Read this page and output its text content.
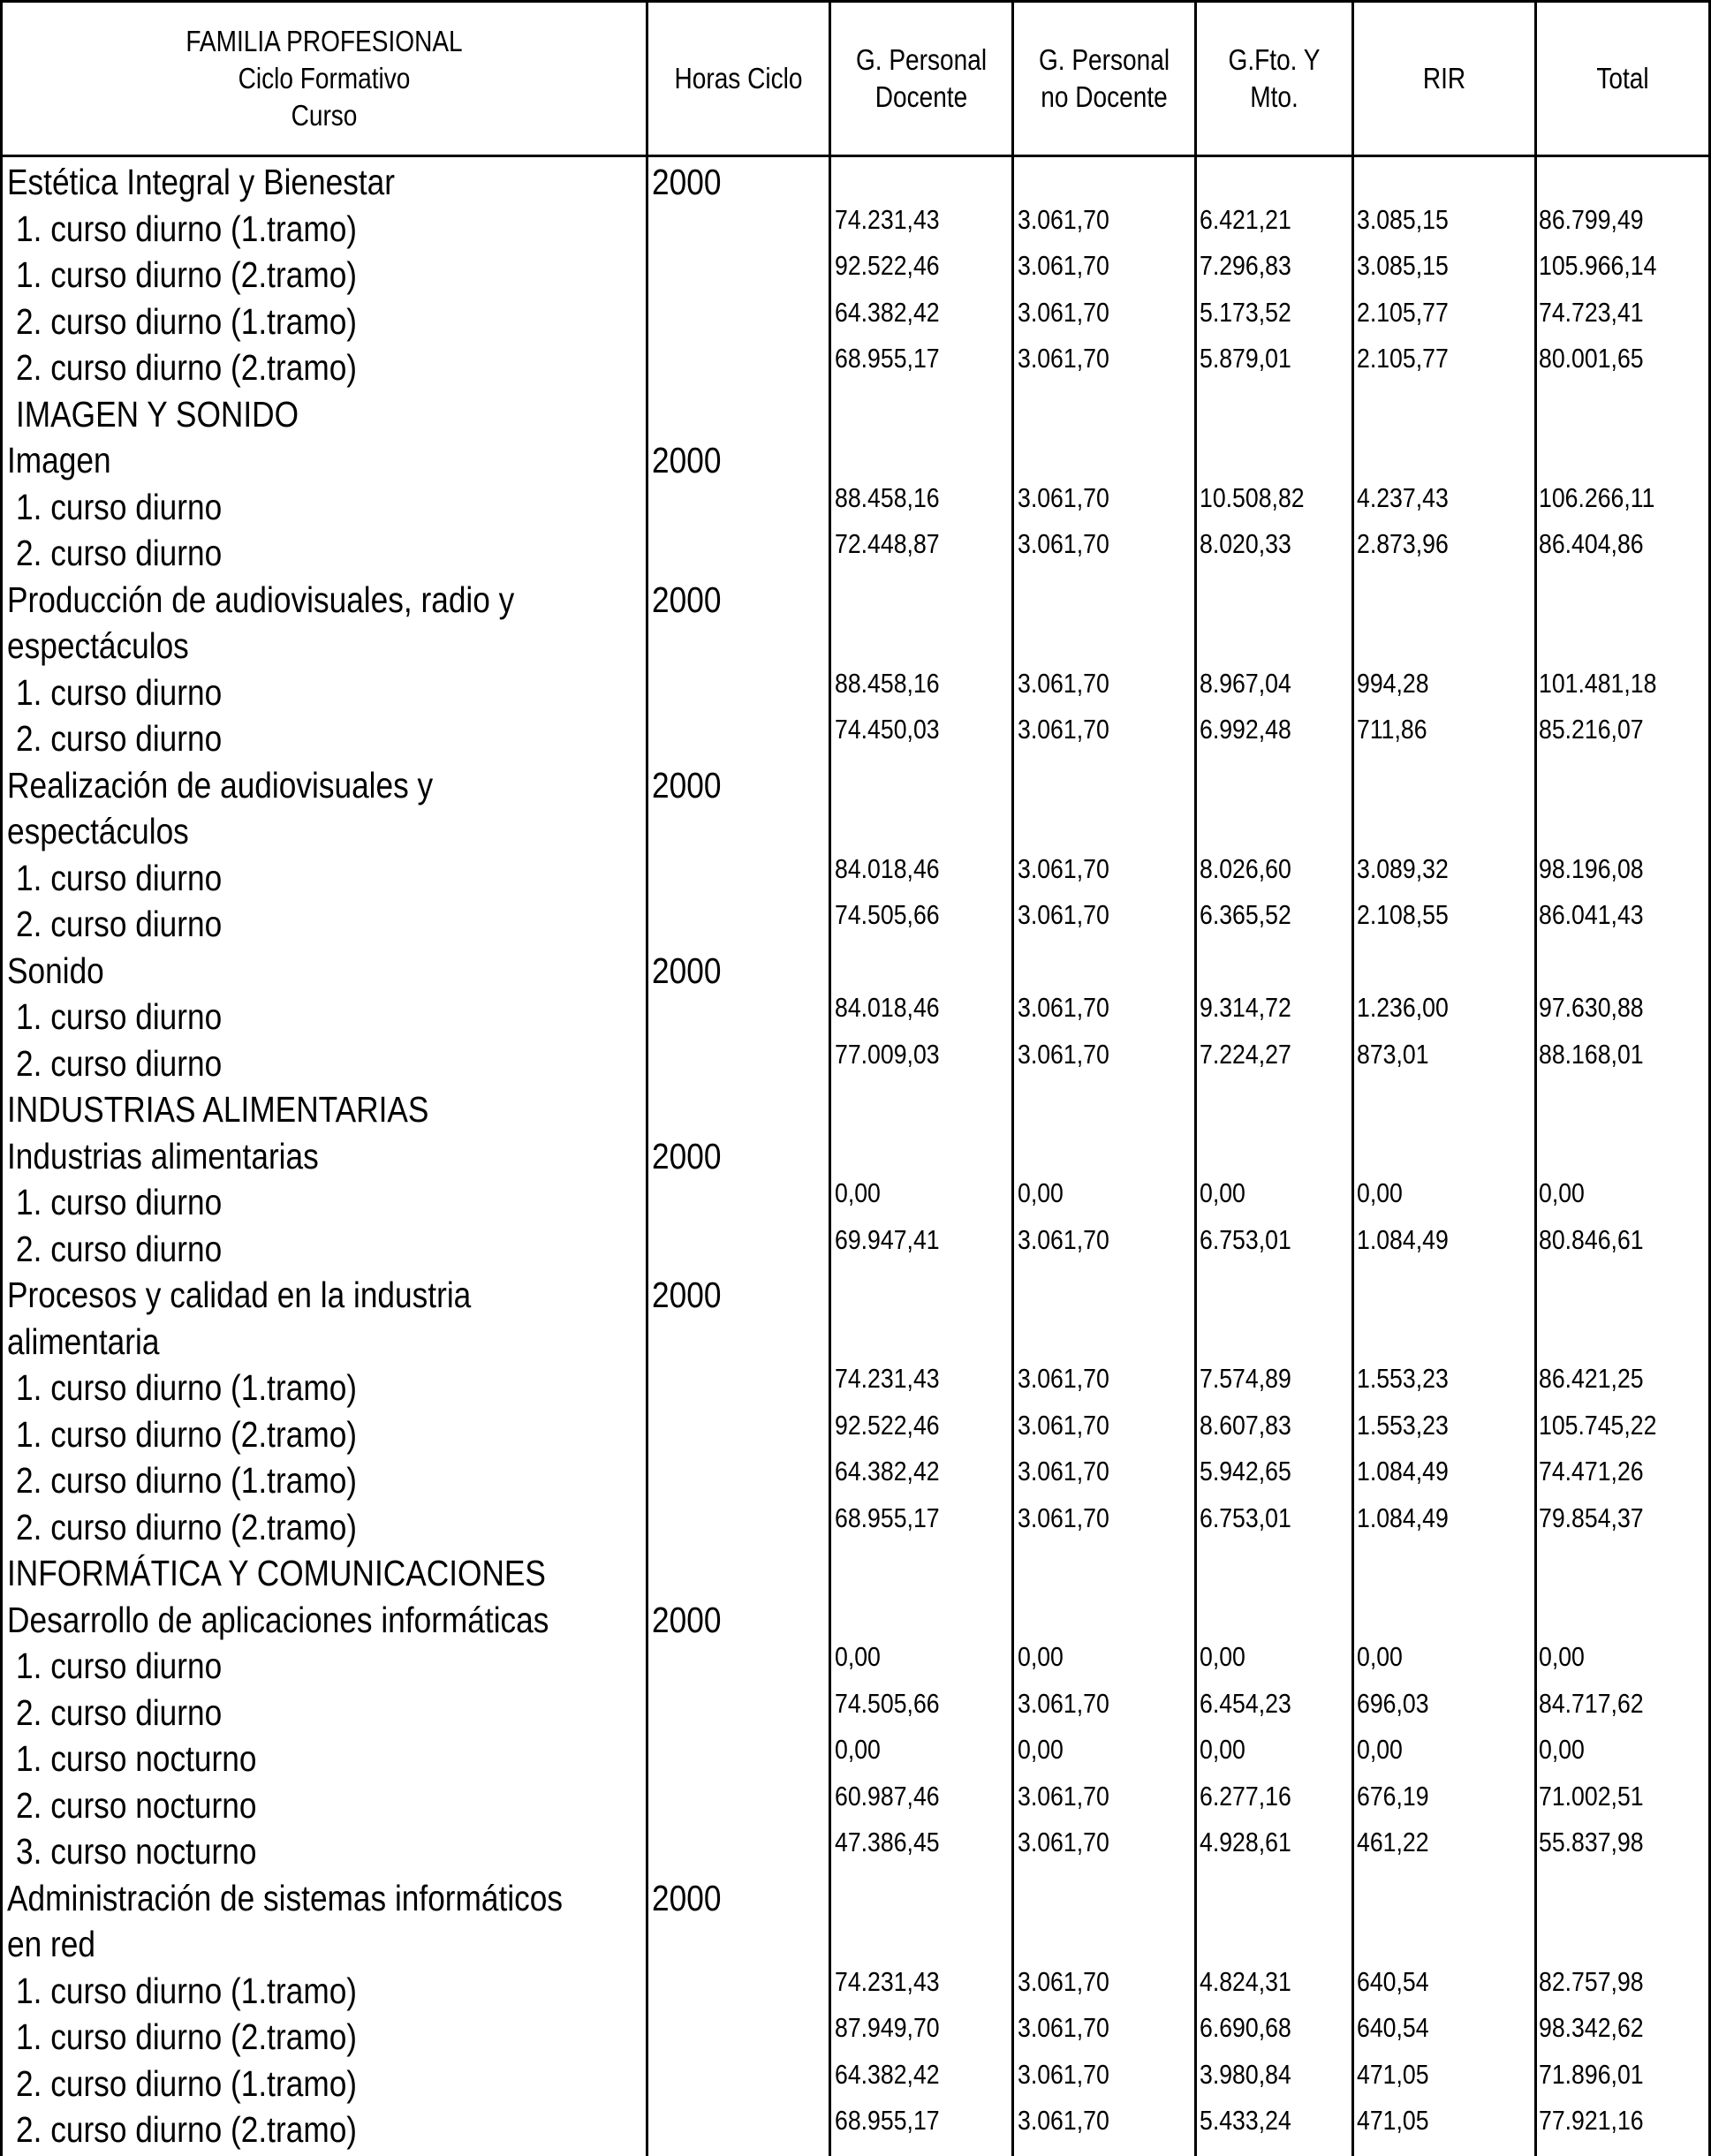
FAMILIA PROFESIONAL
Ciclo Formativo
Curso
Horas Ciclo
G. Personal
Docente
G. Personal
no Docente
G.Fto. Y
Mto.
RIR	Total
Estética Integral y Bienestar	2000
1. curso diurno (1.tramo)	74.231,43	3.061,70	6.421,21 3.085,15	86.799,49
1. curso diurno (2.tramo)	92.522,46	3.061,70	7.296,83 3.085,15	105.966,14
2. curso diurno (1.tramo)	64.382,42	3.061,70	5.173,52 2.105,77	74.723,41
2. curso diurno (2.tramo)	68.955,17	3.061,70	5.879,01 2.105,77	80.001,65
IMAGEN Y SONIDO
Imagen	2000
1. curso diurno	88.458,16	3.061,70	10.508,82 4.237,43	106.266,11
2. curso diurno	72.448,87	3.061,70	8.020,33 2.873,96	86.404,86
Producción de audiovisuales, radio y	2000
espectáculos
1. curso diurno	88.458,16	3.061,70	8.967,04 994,28	101.481,18
2. curso diurno	74.450,03	3.061,70	6.992,48 711,86	85.216,07
Realización de audiovisuales y	2000
espectáculos
1. curso diurno	84.018,46	3.061,70	8.026,60 3.089,32	98.196,08
2. curso diurno	74.505,66	3.061,70	6.365,52 2.108,55	86.041,43
Sonido	2000
1. curso diurno	84.018,46	3.061,70	9.314,72 1.236,00	97.630,88
2. curso diurno	77.009,03	3.061,70	7.224,27 873,01	88.168,01
INDUSTRIAS ALIMENTARIAS
Industrias alimentarias	2000
1. curso diurno	0,00	0,00	0,00	0,00	0,00
2. curso diurno	69.947,41	3.061,70	6.753,01 1.084,49	80.846,61
Procesos y calidad en la industria	2000
alimentaria
1. curso diurno (1.tramo)	74.231,43	3.061,70	7.574,89 1.553,23	86.421,25
1. curso diurno (2.tramo)	92.522,46	3.061,70	8.607,83 1.553,23	105.745,22
2. curso diurno (1.tramo)	64.382,42	3.061,70	5.942,65 1.084,49	74.471,26
2. curso diurno (2.tramo)	68.955,17	3.061,70	6.753,01 1.084,49	79.854,37
INFORMÁTICA Y COMUNICACIONES
Desarrollo de aplicaciones informáticas	2000
1. curso diurno	0,00	0,00	0,00	0,00	0,00
2. curso diurno	74.505,66	3.061,70	6.454,23 696,03	84.717,62
1. curso nocturno	0,00	0,00	0,00	0,00	0,00
2. curso nocturno	60.987,46	3.061,70	6.277,16 676,19	71.002,51
3. curso nocturno	47.386,45	3.061,70	4.928,61 461,22	55.837,98
Administración de sistemas informáticos 2000
en red
1. curso diurno (1.tramo)	74.231,43	3.061,70	4.824,31 640,54	82.757,98
1. curso diurno (2.tramo)	87.949,70	3.061,70	6.690,68 640,54	98.342,62
2. curso diurno (1.tramo)	64.382,42	3.061,70	3.980,84 471,05	71.896,01
2. curso diurno (2.tramo)	68.955,17	3.061,70	5.433,24 471,05	77.921,16
